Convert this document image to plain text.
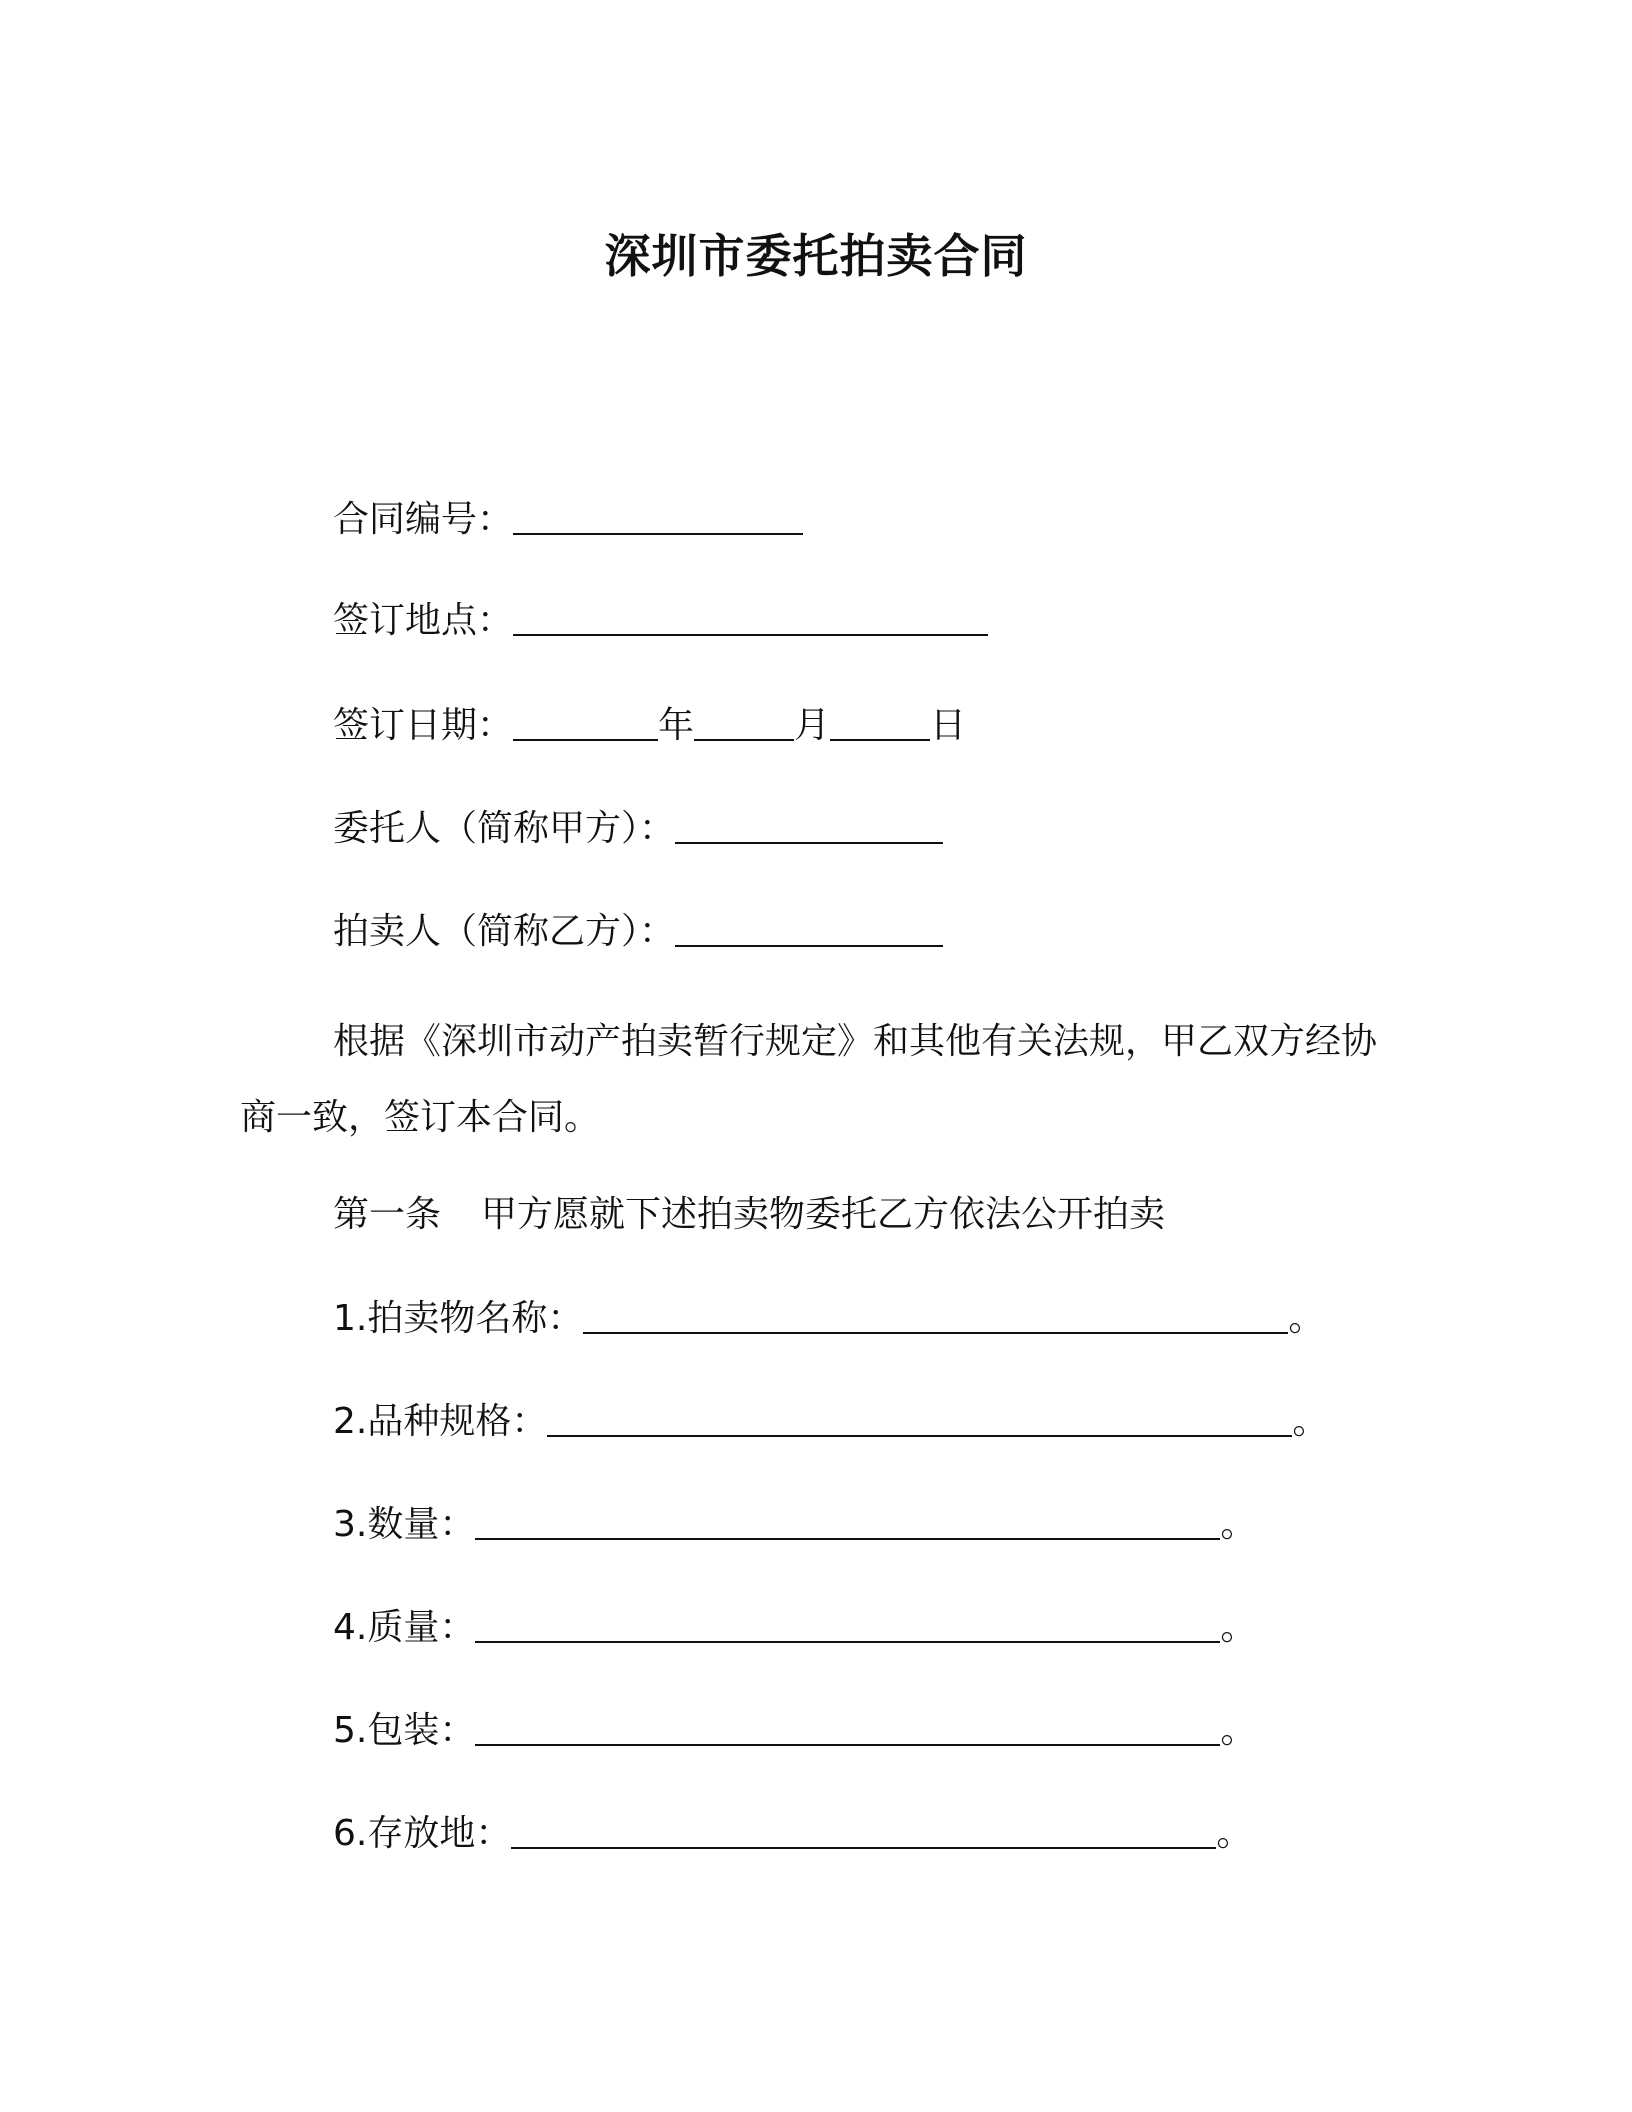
深圳市委托拍卖合同
合同编号：
签订地点：
签订日期：	年	月	日
委托人（简称甲方）：
拍卖人（简称乙方）：
根据《深圳市动产拍卖暂行规定》和其他有关法规，甲乙双方经协商一致，签订本合同。
第一条 甲方愿就下述拍卖物委托乙方依法公开拍卖
1.拍卖物名称：	。
2.品种规格：	。
3.数量：	。
4.质量：	。
5.包装：	。
6.存放地：	。
